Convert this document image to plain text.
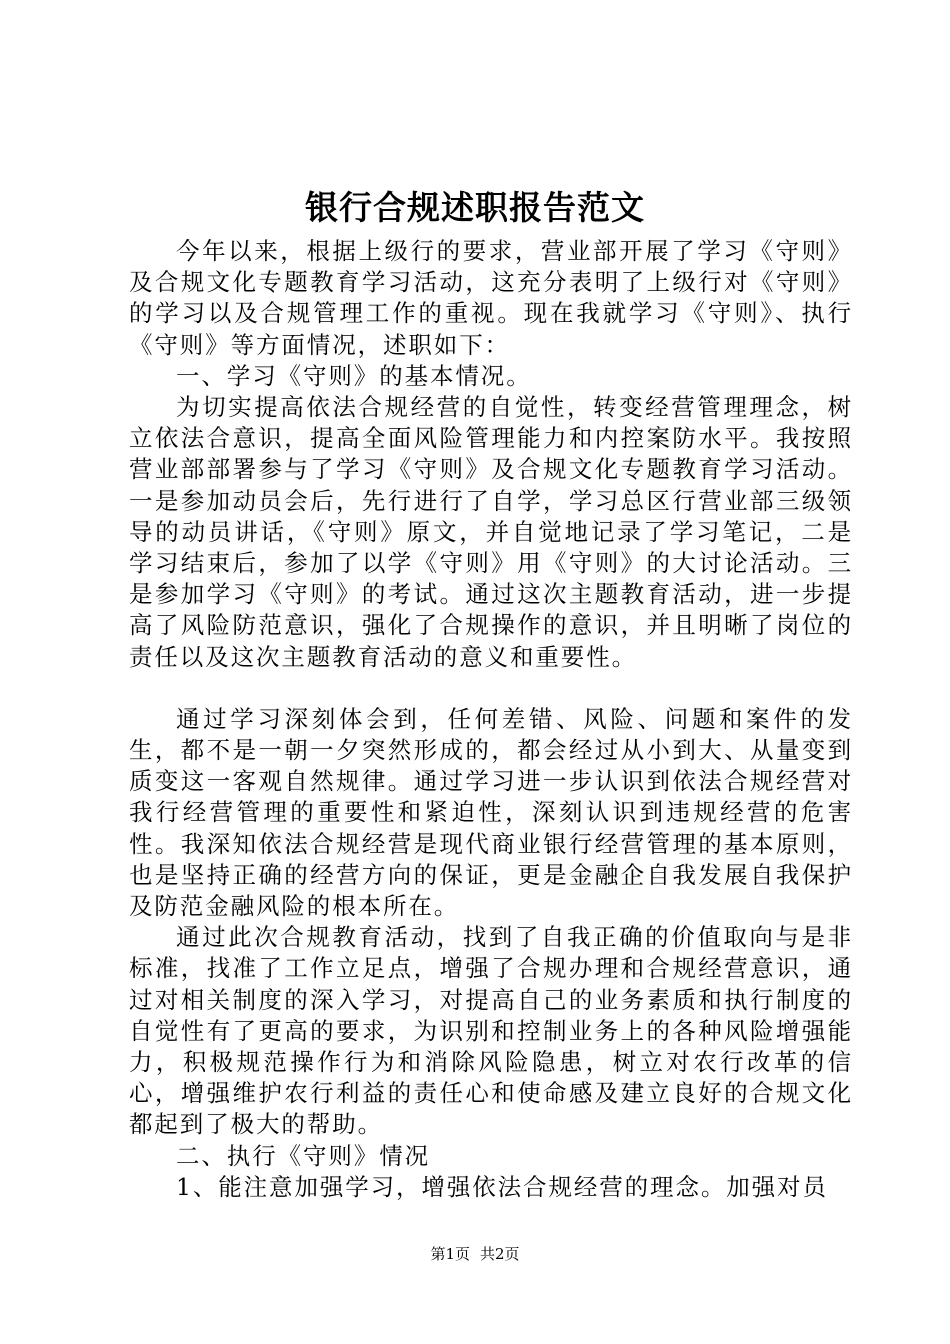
银行合规述职报告范文

今年以来，根据上级行的要求，营业部开展了学习《守则》及合规文化专题教育学习活动，这充分表明了上级行对《守则》的学习以及合规管理工作的重视。现在我就学习《守则》、执行《守则》等方面情况，述职如下：

一、学习《守则》的基本情况。

为切实提高依法合规经营的自觉性，转变经营管理理念，树立依法合意识，提高全面风险管理能力和内控案防水平。我按照营业部部署参与了学习《守则》及合规文化专题教育学习活动。一是参加动员会后，先行进行了自学，学习总区行营业部三级领导的动员讲话，《守则》原文，并自觉地记录了学习笔记，二是学习结束后，参加了以学《守则》用《守则》的大讨论活动。三是参加学习《守则》的考试。通过这次主题教育活动，进一步提高了风险防范意识，强化了合规操作的意识，并且明晰了岗位的责任以及这次主题教育活动的意义和重要性。

通过学习深刻体会到，任何差错、风险、问题和案件的发生，都不是一朝一夕突然形成的，都会经过从小到大、从量变到质变这一客观自然规律。通过学习进一步认识到依法合规经营对我行经营管理的重要性和紧迫性，深刻认识到违规经营的危害性。我深知依法合规经营是现代商业银行经营管理的基本原则，也是坚持正确的经营方向的保证，更是金融企自我发展自我保护及防范金融风险的根本所在。

通过此次合规教育活动，找到了自我正确的价值取向与是非标准，找准了工作立足点，增强了合规办理和合规经营意识，通过对相关制度的深入学习，对提高自己的业务素质和执行制度的自觉性有了更高的要求，为识别和控制业务上的各种风险增强能力，积极规范操作行为和消除风险隐患，树立对农行改革的信心，增强维护农行利益的责任心和使命感及建立良好的合规文化都起到了极大的帮助。

二、执行《守则》情况

1、能注意加强学习，增强依法合规经营的理念。加强对员

第1页 共2页
